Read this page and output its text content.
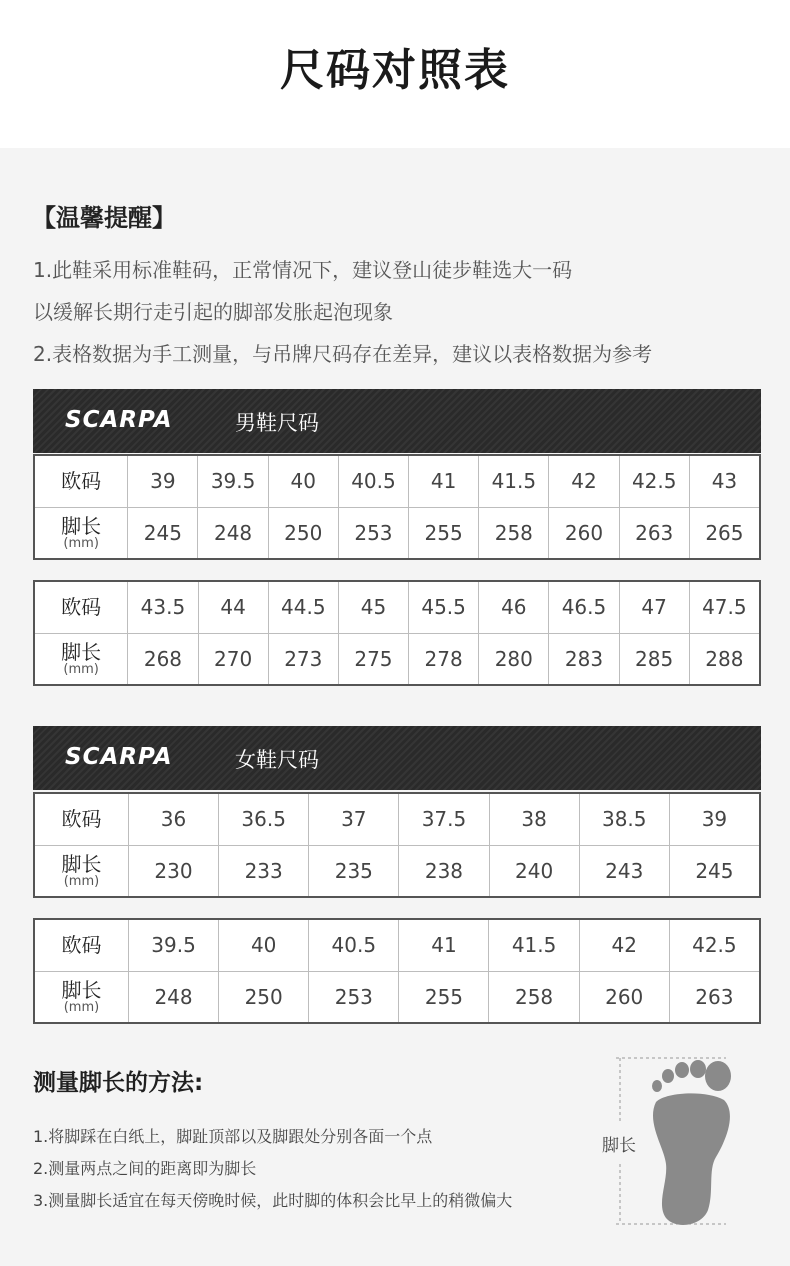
尺码对照表
【温馨提醒】
1.此鞋采用标准鞋码，正常情况下，建议登山徒步鞋选大一码
以缓解长期行走引起的脚部发胀起泡现象
2.表格数据为手工测量，与吊牌尺码存在差异，建议以表格数据为参考
SCARPA	男鞋尺码
欧码	39	39.5	40	40.5	41	41.5	42	42.5	43
脚长
(mm)	245	248	250	253	255	258	260	263	265
欧码	43.5	44	44.5	45	45.5	46	46.5	47	47.5
脚长
(mm)	268	270	273	275	278	280	283	285	288
SCARPA	女鞋尺码
欧码	36	36.5	37	37.5	38	38.5	39
脚长
(mm)	230	233	235	238	240	243	245
欧码	39.5	40	40.5	41	41.5	42	42.5
脚长
(mm)	248	250	253	255	258	260	263
测量脚长的方法:
1.将脚踩在白纸上，脚趾顶部以及脚跟处分别各面一个点
2.测量两点之间的距离即为脚长
3.测量脚长适宜在每天傍晚时候，此时脚的体积会比早上的稍微偏大
脚长
